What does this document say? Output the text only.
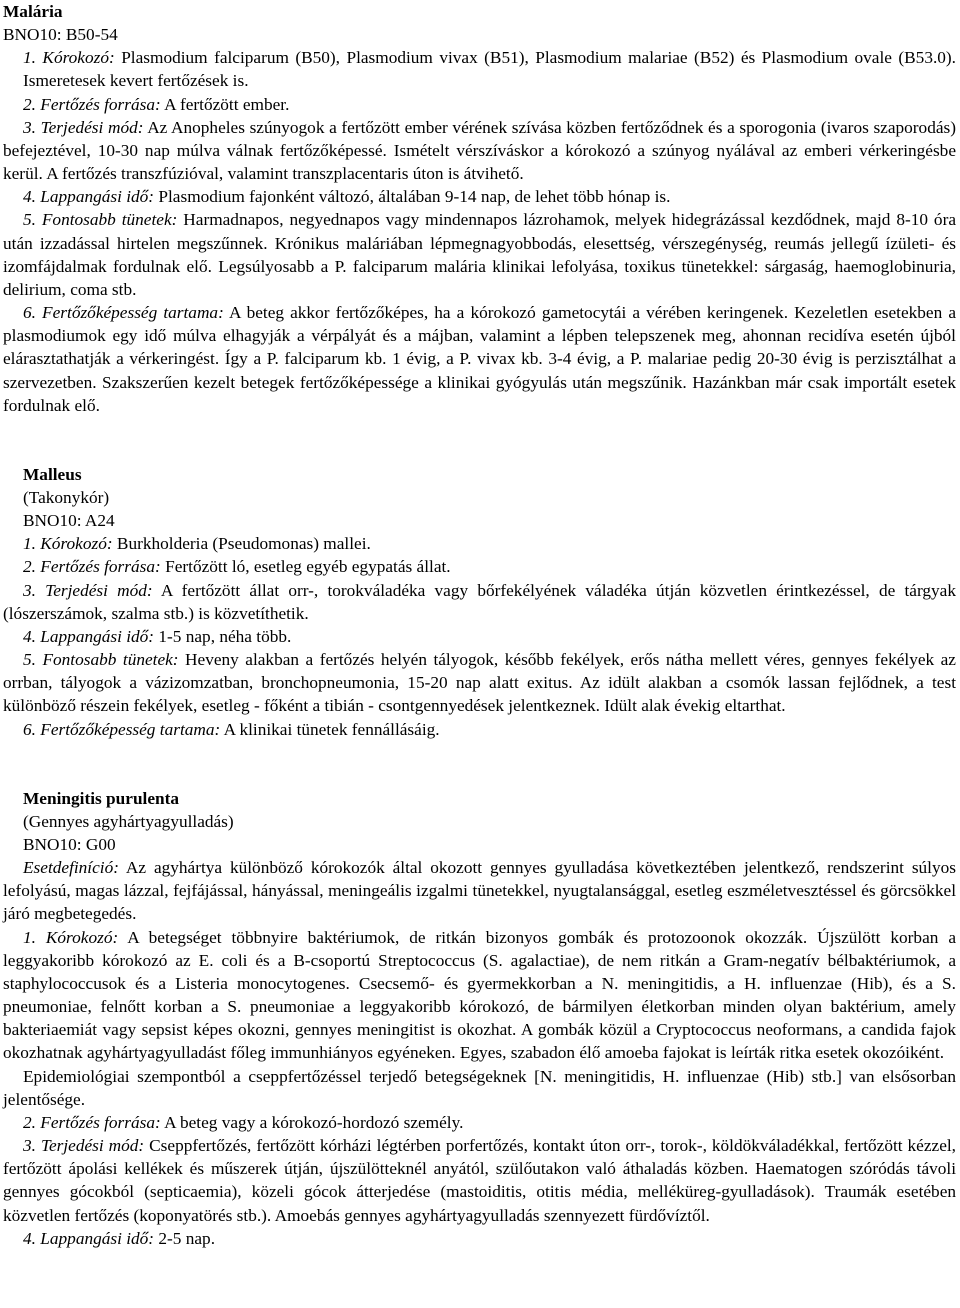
Malária

BNO10: B50-54

1. Kórokozó: Plasmodium falciparum (B50), Plasmodium vivax (B51), Plasmodium malariae (B52) és Plasmodium ovale (B53.0). Ismeretesek kevert fertőzések is.

2. Fertőzés forrása: A fertőzött ember.

3. Terjedési mód: Az Anopheles szúnyogok a fertőzött ember vérének szívása közben fertőződnek és a sporogonia (ivaros szaporodás) befejeztével, 10-30 nap múlva válnak fertőzőképessé. Ismételt vérszíváskor a kórokozó a szúnyog nyálával az emberi vérkeringésbe kerül. A fertőzés transzfúzióval, valamint transzplacentaris úton is átvihető.

4. Lappangási idő: Plasmodium fajonként változó, általában 9-14 nap, de lehet több hónap is.

5. Fontosabb tünetek: Harmadnapos, negyednapos vagy mindennapos lázrohamok, melyek hidegrázással kezdődnek, majd 8-10 óra után izzadással hirtelen megszűnnek. Krónikus maláriában lépmegnagyobbodás, elesettség, vérszegénység, reumás jellegű ízületi- és izomfájdalmak fordulnak elő. Legsúlyosabb a P. falciparum malária klinikai lefolyása, toxikus tünetekkel: sárgaság, haemoglobinuria, delirium, coma stb.

6. Fertőzőképesség tartama: A beteg akkor fertőzőképes, ha a kórokozó gametocytái a vérében keringenek. Kezeletlen esetekben a plasmodiumok egy idő múlva elhagyják a vérpályát és a májban, valamint a lépben telepszenek meg, ahonnan recidíva esetén újból elárasztathatják a vérkeringést. Így a P. falciparum kb. 1 évig, a P. vivax kb. 3-4 évig, a P. malariae pedig 20-30 évig is perzisztálhat a szervezetben. Szakszerűen kezelt betegek fertőzőképessége a klinikai gyógyulás után megszűnik. Hazánkban már csak importált esetek fordulnak elő.

Malleus

(Takonykór)

BNO10: A24

1. Kórokozó: Burkholderia (Pseudomonas) mallei.

2. Fertőzés forrása: Fertőzött ló, esetleg egyéb egypatás állat.

3. Terjedési mód: A fertőzött állat orr-, torokváladéka vagy bőrfekélyének váladéka útján közvetlen érintkezéssel, de tárgyak (lószerszámok, szalma stb.) is közvetíthetik.

4. Lappangási idő: 1-5 nap, néha több.

5. Fontosabb tünetek: Heveny alakban a fertőzés helyén tályogok, később fekélyek, erős nátha mellett véres, gennyes fekélyek az orrban, tályogok a vázizomzatban, bronchopneumonia, 15-20 nap alatt exitus. Az idült alakban a csomók lassan fejlődnek, a test különböző részein fekélyek, esetleg - főként a tibián - csontgennyedések jelentkeznek. Idült alak évekig eltarthat.

6. Fertőzőképesség tartama: A klinikai tünetek fennállásáig.

Meningitis purulenta

(Gennyes agyhártyagyulladás)

BNO10: G00

Esetdefiníció: Az agyhártya különböző kórokozók által okozott gennyes gyulladása következtében jelentkező, rendszerint súlyos lefolyású, magas lázzal, fejfájással, hányással, meningeális izgalmi tünetekkel, nyugtalansággal, esetleg eszméletvesztéssel és görcsökkel járó megbetegedés.

1. Kórokozó: A betegséget többnyire baktériumok, de ritkán bizonyos gombák és protozoonok okozzák. Újszülött korban a leggyakoribb kórokozó az E. coli és a B-csoportú Streptococcus (S. agalactiae), de nem ritkán a Gram-negatív bélbaktériumok, a staphylococcusok és a Listeria monocytogenes. Csecsemő- és gyermekkorban a N. meningitidis, a H. influenzae (Hib), és a S. pneumoniae, felnőtt korban a S. pneumoniae a leggyakoribb kórokozó, de bármilyen életkorban minden olyan baktérium, amely bakteriaemiát vagy sepsist képes okozni, gennyes meningitist is okozhat. A gombák közül a Cryptococcus neoformans, a candida fajok okozhatnak agyhártyagyulladást főleg immunhiányos egyéneken. Egyes, szabadon élő amoeba fajokat is leírták ritka esetek okozóiként.

Epidemiológiai szempontból a cseppfertőzéssel terjedő betegségeknek [N. meningitidis, H. influenzae (Hib) stb.] van elsősorban jelentősége.

2. Fertőzés forrása: A beteg vagy a kórokozó-hordozó személy.

3. Terjedési mód: Cseppfertőzés, fertőzött kórházi légtérben porfertőzés, kontakt úton orr-, torok-, köldökváladékkal, fertőzött kézzel, fertőzött ápolási kellékek és műszerek útján, újszülötteknél anyától, szülőutakon való áthaladás közben. Haematogen szóródás távoli gennyes gócokból (septicaemia), közeli gócok átterjedése (mastoiditis, otitis média, melléküreg-gyulladások). Traumák esetében közvetlen fertőzés (koponyatörés stb.). Amoebás gennyes agyhártyagyulladás szennyezett fürdővíztől.

4. Lappangási idő: 2-5 nap.
